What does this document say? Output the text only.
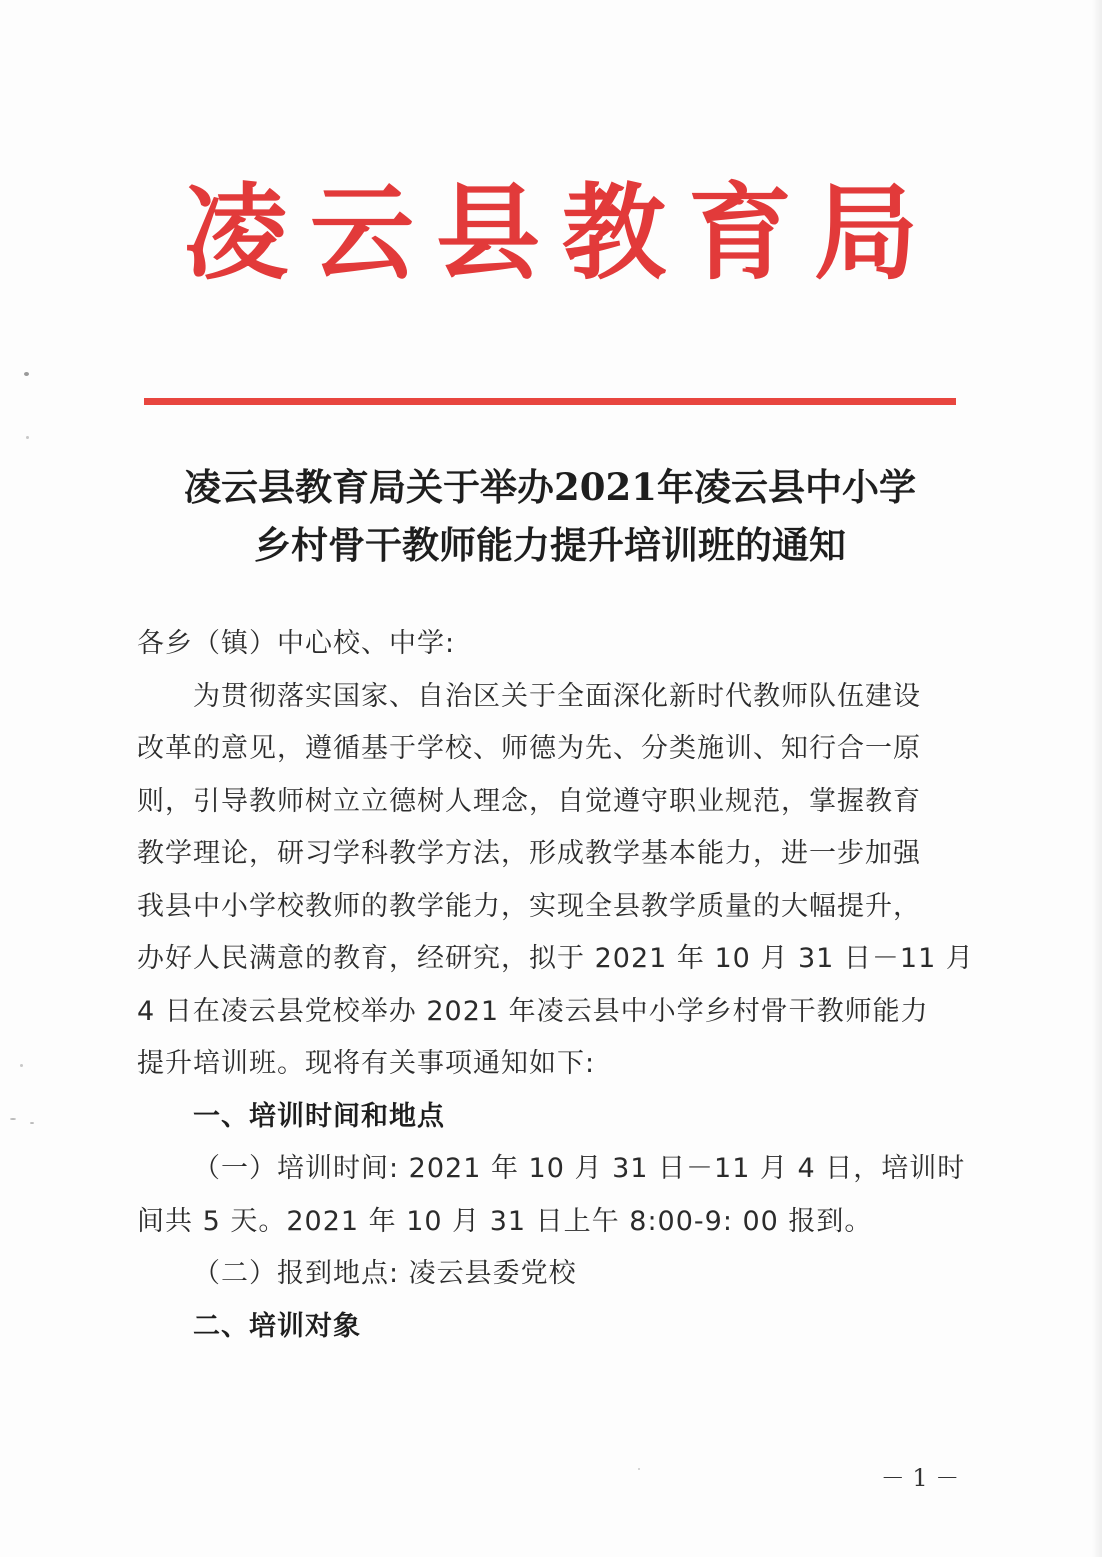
凌云县教育局
凌云县教育局关于举办2021年凌云县中小学
乡村骨干教师能力提升培训班的通知
各乡（镇）中心校、中学:
为贯彻落实国家、自治区关于全面深化新时代教师队伍建设
改革的意见，遵循基于学校、师德为先、分类施训、知行合一原
则，引导教师树立立德树人理念，自觉遵守职业规范，掌握教育
教学理论，研习学科教学方法，形成教学基本能力，进一步加强
我县中小学校教师的教学能力，实现全县教学质量的大幅提升，
办好人民满意的教育，经研究，拟于 2021 年 10 月 31 日－11 月
4 日在凌云县党校举办 2021 年凌云县中小学乡村骨干教师能力
提升培训班。现将有关事项通知如下:
一、培训时间和地点
（一）培训时间: 2021 年 10 月 31 日－11 月 4 日，培训时
间共 5 天。2021 年 10 月 31 日上午 8:00-9: 00 报到。
（二）报到地点: 凌云县委党校
二、培训对象
－ 1 －
